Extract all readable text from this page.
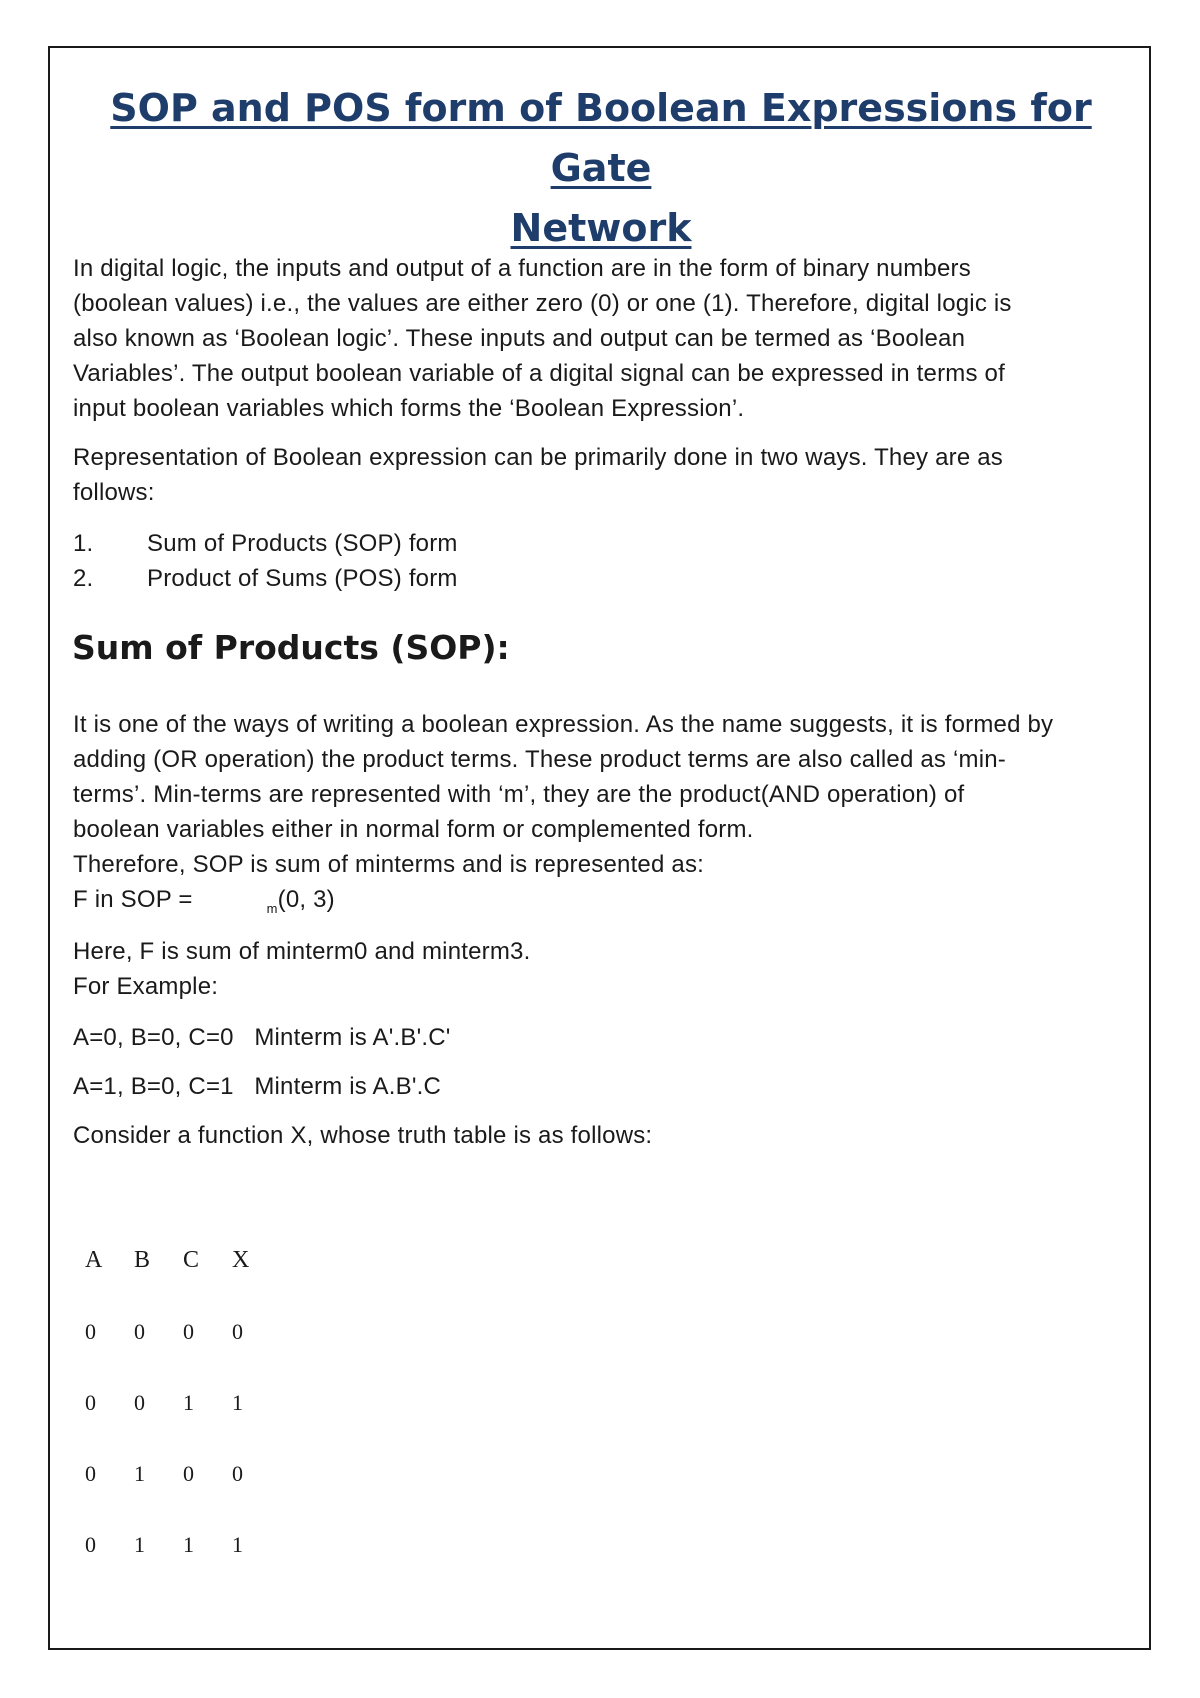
SOP and POS form of Boolean Expressions for Gate
Network
In digital logic, the inputs and output of a function are in the form of binary numbers
(boolean values) i.e., the values are either zero (0) or one (1). Therefore, digital logic is
also known as ‘Boolean logic’. These inputs and output can be termed as ‘Boolean
Variables’. The output boolean variable of a digital signal can be expressed in terms of
input boolean variables which forms the ‘Boolean Expression’.
Representation of Boolean expression can be primarily done in two ways. They are as
follows:
1. Sum of Products (SOP) form
2. Product of Sums (POS) form
Sum of Products (SOP):
It is one of the ways of writing a boolean expression. As the name suggests, it is formed by
adding (OR operation) the product terms. These product terms are also called as ‘min-
terms’. Min-terms are represented with ‘m’, they are the product(AND operation) of
boolean variables either in normal form or complemented form.
Therefore, SOP is sum of minterms and is represented as:
F in SOP =	$_m$(0, 3)
Here, F is sum of minterm0 and minterm3.
For Example:
A=0, B=0, C=0 Minterm is A'.B'.C'
A=1, B=0, C=1 Minterm is A.B'.C
Consider a function X, whose truth table is as follows:
A	B	C	X
0	0	0	0
0	0	1	1
0	1	0	0
0	1	1	1
